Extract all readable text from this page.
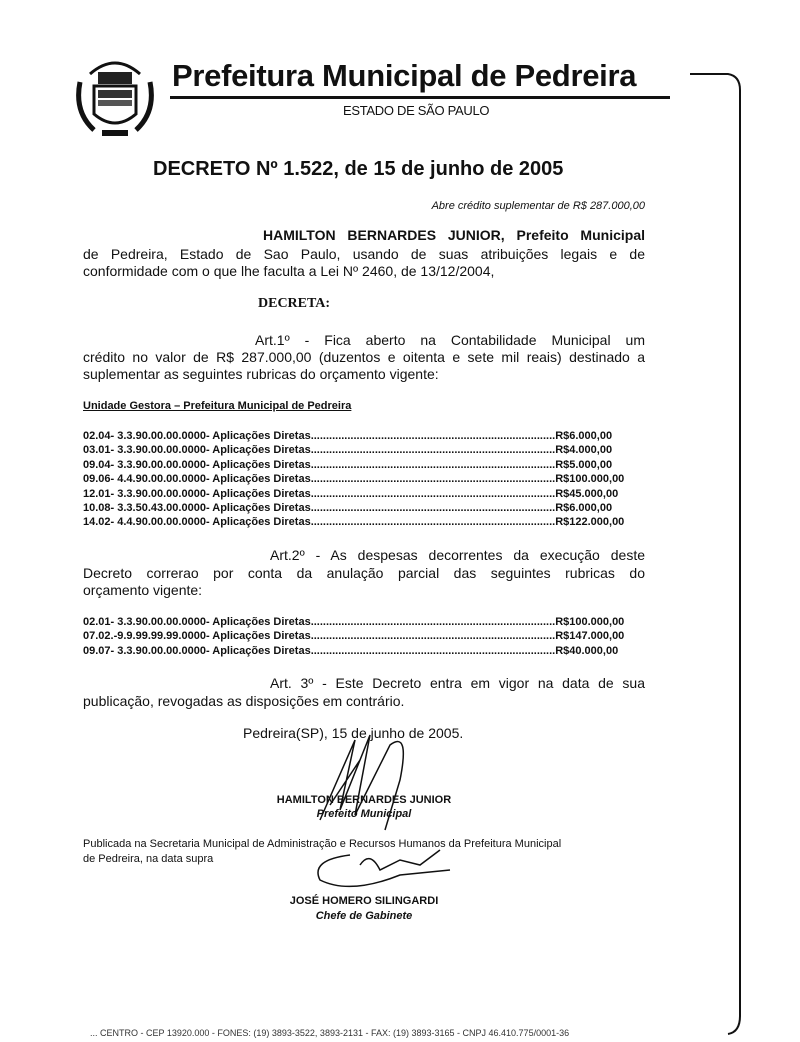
Prefeitura Municipal de Pedreira
ESTADO DE SÃO PAULO
DECRETO Nº 1.522, de 15 de junho de 2005
Abre crédito suplementar de R$ 287.000,00
HAMILTON BERNARDES JUNIOR, Prefeito Municipal
de Pedreira, Estado de Sao Paulo, usando de suas atribuições legais e de
conformidade com o que lhe faculta a Lei Nº 2460, de 13/12/2004,
DECRETA:
Art.1º - Fica aberto na Contabilidade Municipal um
crédito no valor de R$ 287.000,00 (duzentos e oitenta e sete mil reais) destinado a
suplementar as seguintes rubricas do orçamento vigente:
Unidade Gestora – Prefeitura Municipal de Pedreira
02.04- 3.3.90.00.00.0000- Aplicações Diretas................................................................................ R$ 6.000,00
03.01- 3.3.90.00.00.0000- Aplicações Diretas................................................................................ R$ 4.000,00
09.04- 3.3.90.00.00.0000- Aplicações Diretas................................................................................ R$ 5.000,00
09.06- 4.4.90.00.00.0000- Aplicações Diretas................................................................................ R$ 100.000,00
12.01- 3.3.90.00.00.0000- Aplicações Diretas................................................................................ R$ 45.000,00
10.08- 3.3.50.43.00.0000- Aplicações Diretas................................................................................ R$ 6.000,00
14.02- 4.4.90.00.00.0000- Aplicações Diretas................................................................................ R$ 122.000,00
Art.2º - As despesas decorrentes da execução deste
Decreto correrao por conta da anulação parcial das seguintes rubricas do
orçamento vigente:
02.01- 3.3.90.00.00.0000- Aplicações Diretas................................................................................ R$ 100.000,00
07.02.-9.9.99.99.99.0000- Aplicações Diretas................................................................................ R$ 147.000,00
09.07- 3.3.90.00.00.0000- Aplicações Diretas................................................................................ R$ 40.000,00
Art. 3º - Este Decreto entra em vigor na data de sua
publicação, revogadas as disposições em contrário.
Pedreira(SP), 15 de junho de 2005.
HAMILTON BERNARDES JUNIOR
Prefeito Municipal
Publicada na Secretaria Municipal de Administração e Recursos Humanos da Prefeitura Municipal
de Pedreira, na data supra
JOSÉ HOMERO SILINGARDI
Chefe de Gabinete
... CENTRO - CEP 13920.000 - FONES: (19) 3893-3522, 3893-2131 - FAX: (19) 3893-3165 - CNPJ 46.410.775/0001-36
